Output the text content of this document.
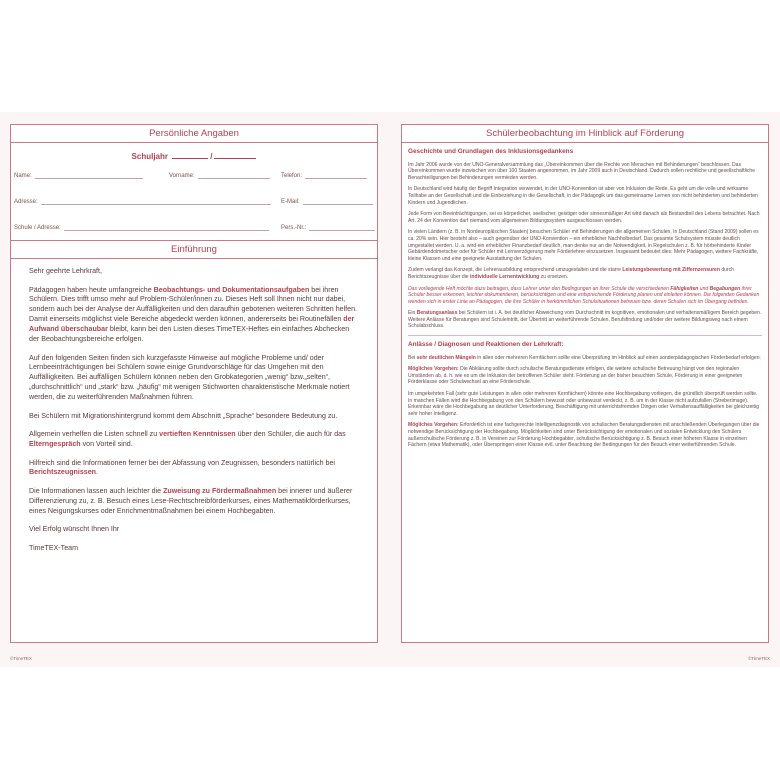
Persönliche Angaben
Schuljahr	/
Name:	Vorname:	Telefon:
Adresse:	E-Mail:
Schule / Adresse:	Pers.-Nr.:
Einführung

Sehr geehrte Lehrkraft,

Pädagogen haben heute umfangreiche Beobachtungs- und Dokumentationsaufgaben bei ihren Schülern. Dies trifft umso mehr auf Problem-Schüler/innen zu. Dieses Heft soll Ihnen nicht nur dabei, sondern auch bei der Analyse der Auffälligkeiten und den daraufhin gebotenen weiteren Schritten helfen. Damit einerseits möglichst viele Bereiche abgedeckt werden können, andererseits bei Routinefällen der Aufwand überschaubar bleibt, kann bei den Listen dieses TimeTEX-Heftes ein einfaches Abchecken der Beobachtungsbereiche erfolgen.

Auf den folgenden Seiten finden sich kurzgefasste Hinweise auf mögliche Probleme und/ oder Lernbeeinträchtigungen bei Schülern sowie einige Grundvorschläge für das Umgehen mit den Auffälligkeiten. Bei auffälligen Schülern können neben den Grobkategorien „wenig“ bzw.„selten“,„durchschnittlich“ und „stark“ bzw. „häufig“ mit wenigen Stichworten charakteristische Merkmale notiert werden, die zu weiterführenden Maßnahmen führen.

Bei Schülern mit Migrationshintergrund kommt dem Abschnitt „Sprache“ besondere Bedeutung zu.

Allgemein verhelfen die Listen schnell zu vertieften Kenntnissen über den Schüler, die auch für das Elterngespräch von Vorteil sind.

Hilfreich sind die Informationen ferner bei der Abfassung von Zeugnissen, besonders natürlich bei Berichtszeugnissen.

Die Informationen lassen auch leichter die Zuweisung zu Fördermaßnahmen bei innerer und äußerer Differenzierung zu, z. B. Besuch eines Lese-Rechtschreibförderkurses, eines Mathematikförderkurses, eines Neigungskurses oder Enrichmentmaßnahmen bei einem Hochbegabten.

Viel Erfolg wünscht Ihnen Ihr

TimeTEX-Team

Schülerbeobachtung im Hinblick auf Förderung
Geschichte und Grundlagen des Inklusionsgedankens

Im Jahr 2006 wurde von der UNO-Generalversammlung das „Übereinkommen über die Rechte von Menschen mit Behinderungen“ beschlossen. Das Übereinkommen wurde inzwischen von über 100 Staaten angenommen, im Jahr 2009 auch in Deutschland. Dadurch sollen rechtliche und gesellschaftliche Benachteiligungen bei Behinderungen vermieden werden.

In Deutschland wird häufig der Begriff Integration verwendet, in der UNO-Konvention ist aber von Inklusion die Rede. Es geht um die volle und wirksame Teilhabe an der Gesellschaft und die Einbeziehung in die Gesellschaft, in der Pädagogik um das gemeinsame Lernen von nicht behinderten und behinderten Kindern und Jugendlichen.

Jede Form von Beeinträchtigungen, sei es körperlicher, seelischer, geistiger oder sinnesmäßiger Art wird danach als Bestandteil des Lebens betrachtet. Nach Art. 24 der Konvention darf niemand vom allgemeinen Bildungssystem ausgeschlossen werden.

In vielen Ländern (z. B. in Nordeuropäischen Staaten) besuchen Schüler mit Behinderungen die allgemeinen Schulen. In Deutschland (Stand 2009) sollen es ca. 20% sein. Hier besteht also – auch gegenüber der UNO-Konvention – ein erheblicher Nachholbedarf. Das gesamte Schulsystem müsste deutlich umgestaltet werden. U. a. wird ein erheblicher Finanzbedarf deutlich, man denke nur an die Notwendigkeit, in Regelschulen z. B. für hörbehinderte Kinder Gebärdendolmetscher oder für Schüler mit Lernverzögerung mehr Förderlehrer einzusetzen. Insgesamt bedeutet dies: Mehr Pädagogen, weitere Fachkräfte, kleine Klassen und eine geeignete Ausstattung der Schulen.

Zudem verlangt das Konzept, die Lehrerausbildung entsprechend umzugestalten und die starre Leistungsbewertung mit Ziffernzensuren durch Berichtszeugnisse über die individuelle Lernentwicklung zu ersetzen.

Das vorliegende Heft möchte dazu beitragen, dass Lehrer unter den Bedingungen an ihrer Schule die verschiedenen Fähigkeiten und Begabungen ihrer Schüler besser erkennen, leichter dokumentieren, berücksichtigen und eine entsprechende Förderung planen und einleiten können. Die folgenden Gedanken wenden sich in erster Linie an Pädagogen, die ihre Schüler in herkömmlichen Schulsituationen betreuen bzw. deren Schulen sich im Übergang befinden.

Ein Beratungsanlass bei Schülern ist i. A. bei deutlicher Abweichung vom Durchschnitt im kognitiven, emotionalen und verhaltensmäßigem Bereich gegeben. Weitere Anlässe für Beratungen sind Schuleintritt, der Übertritt an weiterführende Schulen, Berufsfindung und/oder der weitere Bildungsweg nach einem Schulabschluss.

Anlässe / Diagnosen und Reaktionen der Lehrkraft:

Bei sehr deutlichen Mängeln in allen oder mehreren Kernfächern sollte eine Überprüfung im Hinblick auf einen sonderpädagogischen Förderbedarf erfolgen.

Mögliches Vorgehen: Die Abklärung sollte durch schulische Beratungsdienste erfolgen, die weitere schulische Betreuung hängt von den regionalen Umständen ab, d. h. wie es um die Inklusion der betroffenen Schüler steht: Förderung an der bisher besuchten Schule, Förderung in einer geeigneten Förderklasse oder Schulwechsel an eine Förderschule.

Im umgekehrten Fall (sehr gute Leistungen in allen oder mehreren Kernfächern) könnte eine Hochbegabung vorliegen, die gründlich überprüft werden sollte. In manchen Fällen wird die Hochbegabung von den Schülern bewusst oder unbewusst verdeckt, z. B. um in der Klasse nicht aufzufallen (Streberimage). Erkennbar wäre die Hochbegabung an deutlicher Unterforderung, Beschäftigung mit unterrichtsfremden Dingen oder Verhaltensauffälligkeiten bei gleichzeitig sehr hoher Intelligenz.

Mögliches Vorgehen: Erforderlich ist eine fachgerechte Intelligenzdiagnostik von schulischen Beratungsdiensten mit anschließenden Überlegungen über die notwendige Berücksichtigung der Hochbegabung. Möglichkeiten sind unter Berücksichtigung der emotionalen und sozialen Entwicklung des Schülers außerschulische Förderung z. B. in Vereinen zur Förderung Hochbegabter, schulische Berücksichtigung z. B. Besuch einer höheren Klasse in einzelnen Fächern (etwa Mathematik), oder Überspringen einer Klasse evtl. unter Beachtung der Bedingungen für den Besuch einer weiterführenden Schule.

©TimeTEX	©TimeTEX
